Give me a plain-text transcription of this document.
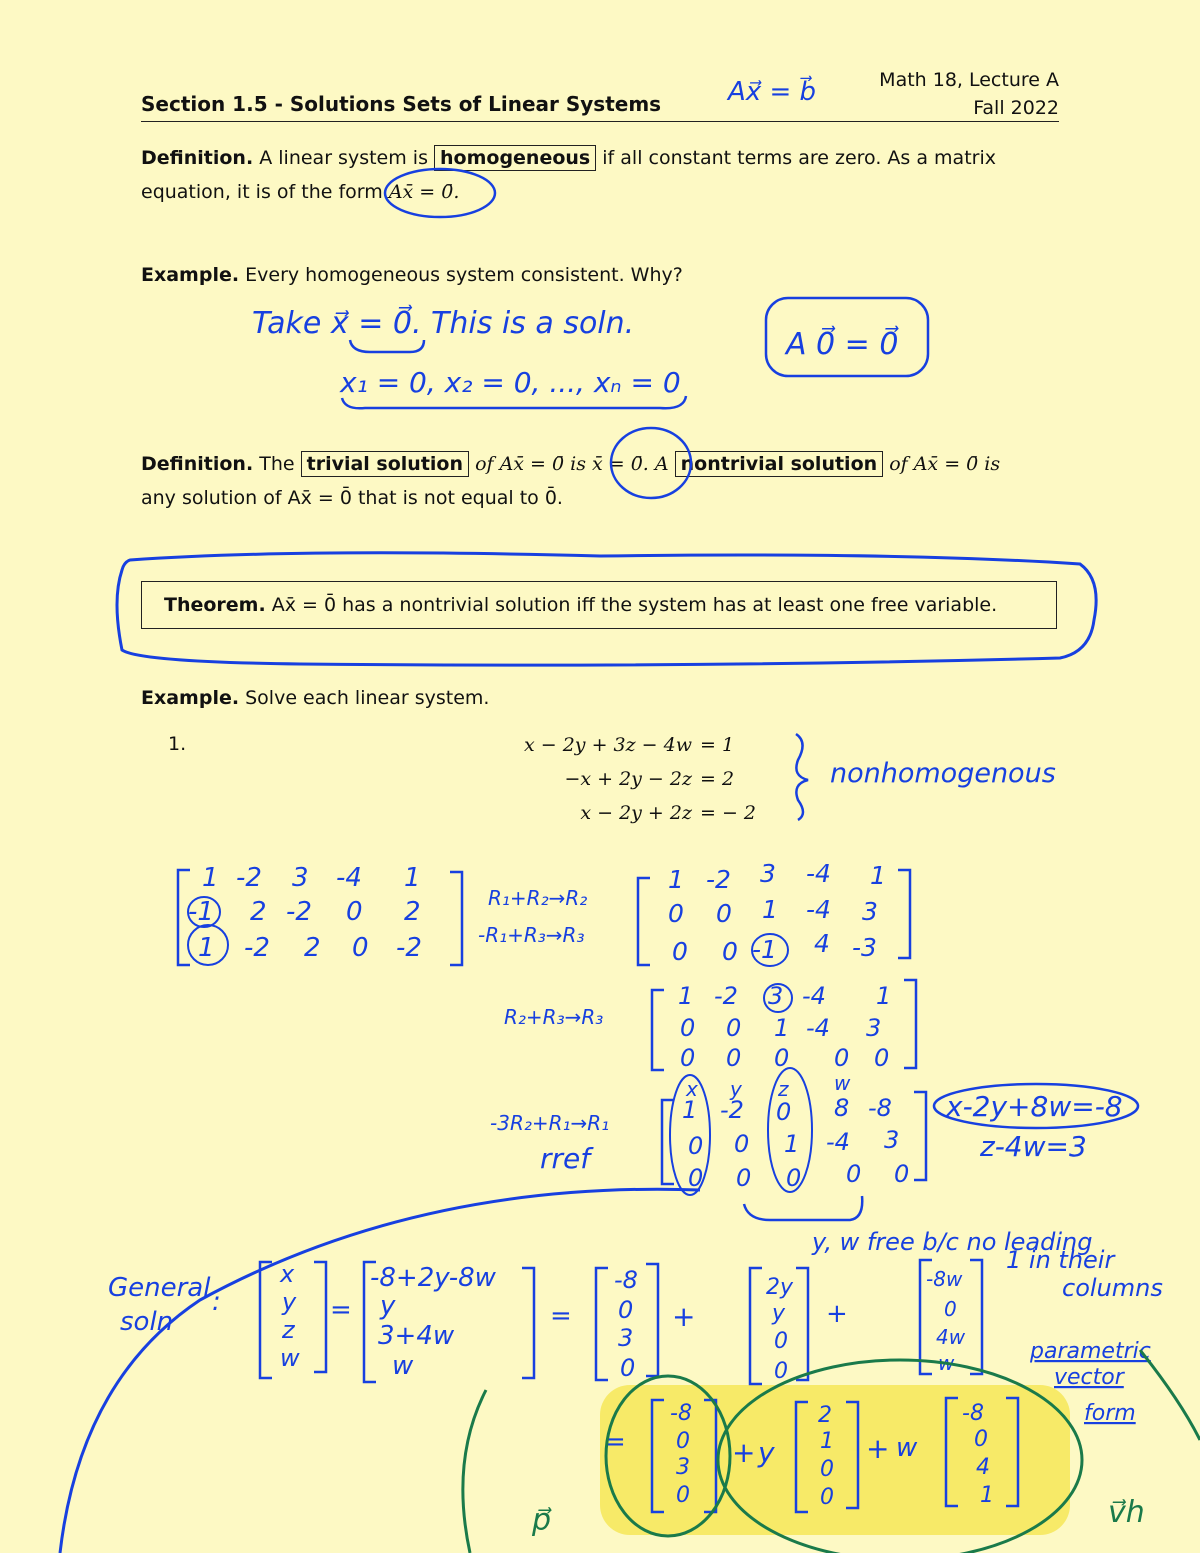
Section 1.5 - Solutions Sets of Linear Systems
Math 18, Lecture A
Fall 2022
Definition. A linear system is homogeneous if all constant terms are zero. As a matrix equation, it is of the form Ax̄ = 0̄.
Example. Every homogeneous system consistent. Why?
Definition. The trivial solution of Ax̄ = 0̄ is x̄ = 0̄. A nontrivial solution of Ax̄ = 0̄ is
any solution of Ax̄ = 0̄ that is not equal to 0̄.
Theorem. Ax̄ = 0̄ has a nontrivial solution iff the system has at least one free variable.
Example. Solve each linear system.
1.	x − 2y + 3z − 4w = 1
−x + 2y − 2z = 2
x − 2y + 2z = − 2
Ax⃗ = b⃗
Take x⃗ = 0⃗. This is a soln.
x₁ = 0, x₂ = 0, ..., xₙ = 0
A 0⃗ = 0⃗
nonhomogenous
1 -2 3 -4 1
-1 2 -2 0 2
1 -2 2 0 -2
R₁+R₂→R₂
-R₁+R₃→R₃
1 -2 3 -4 1
0 0 1 -4 3
0 0 -1 4 -3
R₂+R₃→R₃
1 -2 3 -4 1
0 0 1 -4 3
0 0 0 0 0
-3R₂+R₁→R₁
rref
x y z w
1 -2 0 8 -8
0 0 1 -4 3
0 0 0 0 0
x-2y+8w=-8
z-4w=3
y, w free b/c no leading
1 in their
columns
General
soln
:
x
y
z
w
=
-8+2y-8w
y
3+4w
w
=
-8
0
3
0
+
2y
y
0
0
+
-8w
0
4w
w	parametric
vector
form
=
-8
0
3
0
+ y
2
1
0
0
+ w
-8
0
4
1
p⃗	v⃗h
